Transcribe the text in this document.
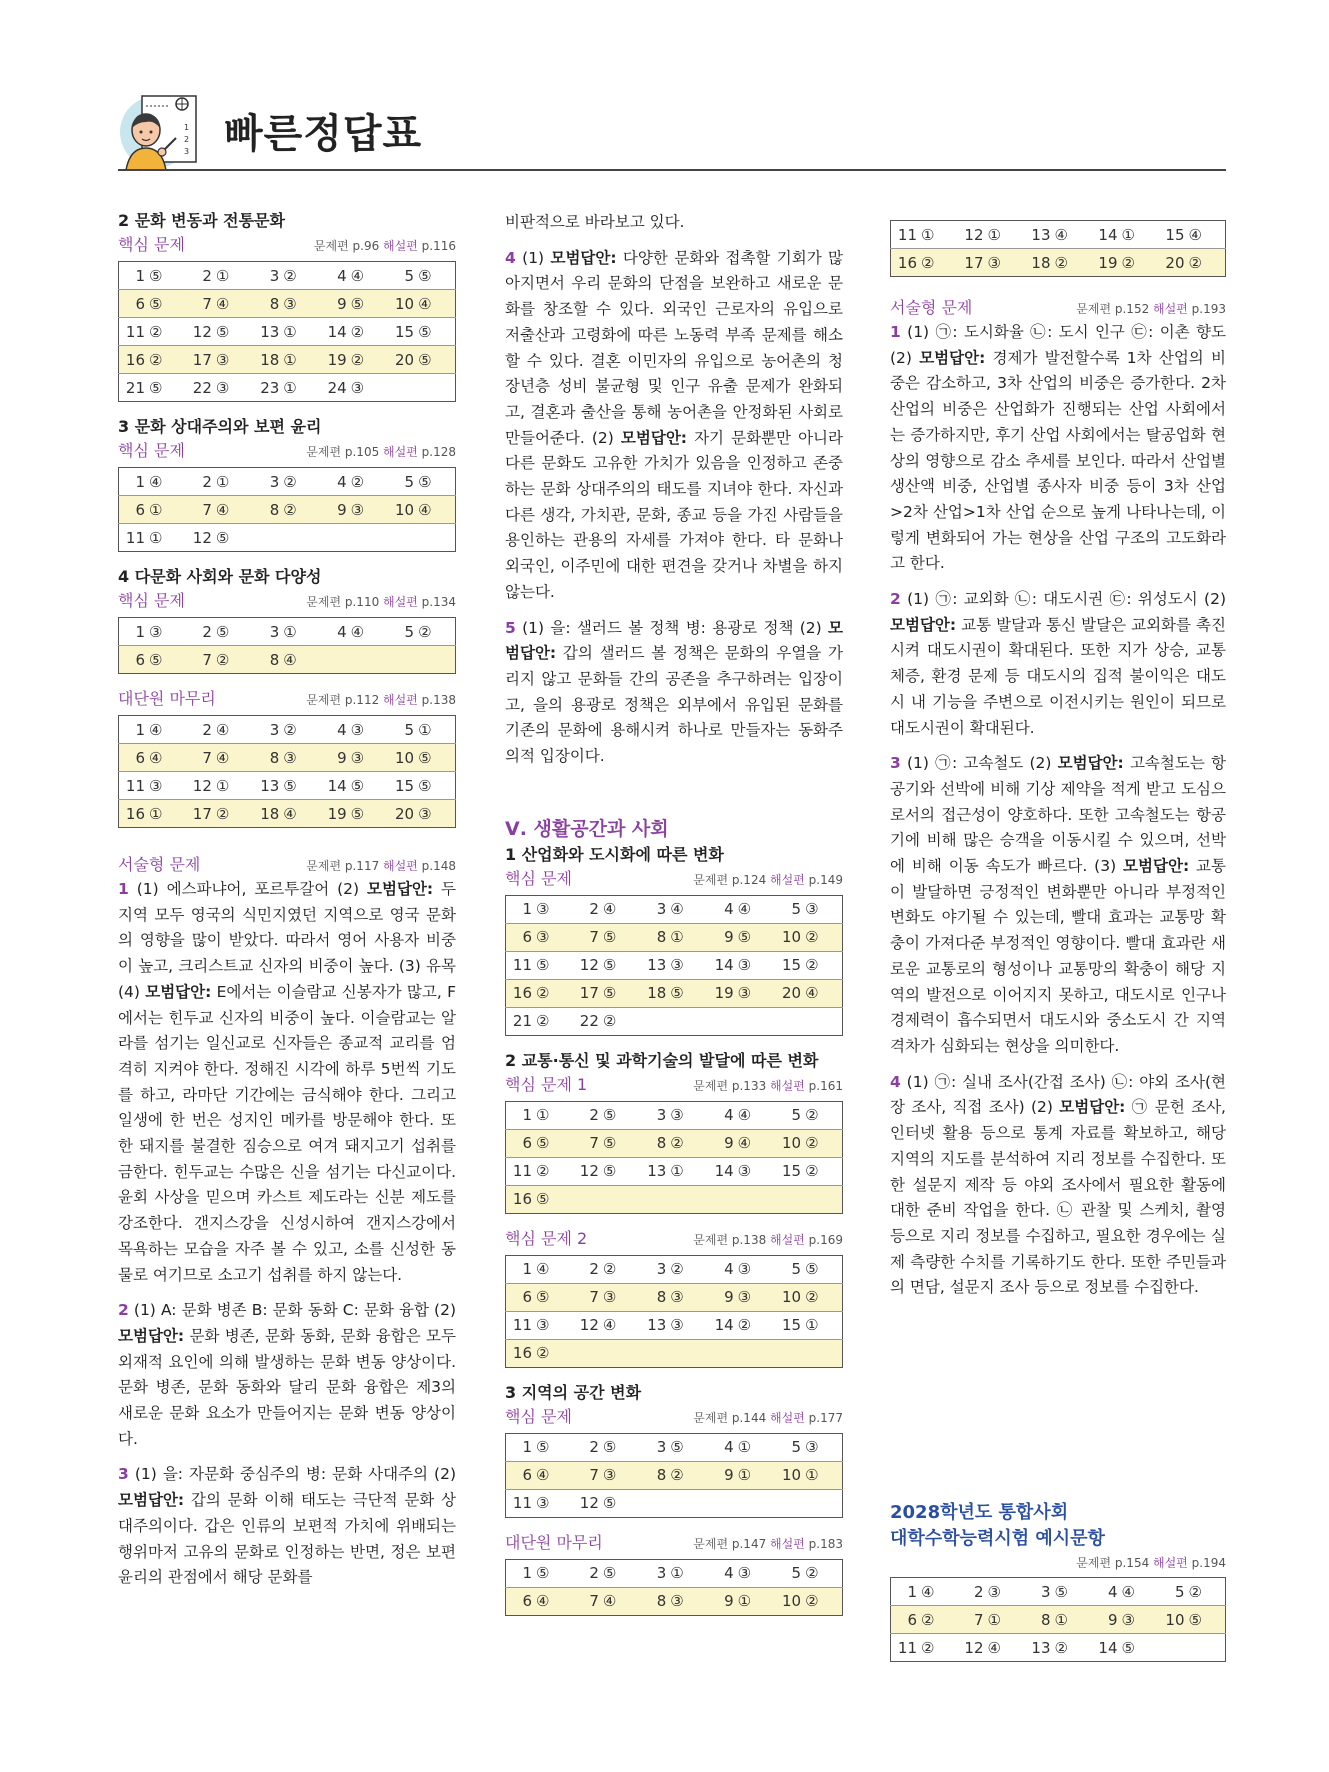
1
2
3 빠른정답표
2 문화 변동과 전통문화
핵심 문제	문제편 p.96 해설편 p.116
1 ⑤	2 ①	3 ②	4 ④	5 ⑤
6 ⑤	7 ④	8 ③	9 ⑤	10 ④
11 ②	12 ⑤	13 ①	14 ②	15 ⑤
16 ②	17 ③	18 ①	19 ②	20 ⑤
21 ⑤	22 ③	23 ①	24 ③	
3 문화 상대주의와 보편 윤리
핵심 문제	문제편 p.105 해설편 p.128
1 ④	2 ①	3 ②	4 ②	5 ⑤
6 ①	7 ④	8 ②	9 ③	10 ④
11 ①	12 ⑤			
4 다문화 사회와 문화 다양성
핵심 문제	문제편 p.110 해설편 p.134
1 ③	2 ⑤	3 ①	4 ④	5 ②
6 ⑤	7 ②	8 ④		
대단원 마무리	문제편 p.112 해설편 p.138
1 ④	2 ④	3 ②	4 ③	5 ①
6 ④	7 ④	8 ③	9 ③	10 ⑤
11 ③	12 ①	13 ⑤	14 ⑤	15 ⑤
16 ①	17 ②	18 ④	19 ⑤	20 ③
서술형 문제	문제편 p.117 해설편 p.148

1 (1) 에스파냐어, 포르투갈어 (2) 모범답안: 두 지역 모두 영국의 식민지였던 지역으로 영국 문화의 영향을 많이 받았다. 따라서 영어 사용자 비중이 높고, 크리스트교 신자의 비중이 높다. (3) 유목 (4) 모범답안: E에서는 이슬람교 신봉자가 많고, F에서는 힌두교 신자의 비중이 높다. 이슬람교는 알라를 섬기는 일신교로 신자들은 종교적 교리를 엄격히 지켜야 한다. 정해진 시각에 하루 5번씩 기도를 하고, 라마단 기간에는 금식해야 한다. 그리고 일생에 한 번은 성지인 메카를 방문해야 한다. 또한 돼지를 불결한 짐승으로 여겨 돼지고기 섭취를 금한다. 힌두교는 수많은 신을 섬기는 다신교이다. 윤회 사상을 믿으며 카스트 제도라는 신분 제도를 강조한다. 갠지스강을 신성시하여 갠지스강에서 목욕하는 모습을 자주 볼 수 있고, 소를 신성한 동물로 여기므로 소고기 섭취를 하지 않는다.

2 (1) A: 문화 병존 B: 문화 동화 C: 문화 융합 (2) 모범답안: 문화 병존, 문화 동화, 문화 융합은 모두 외재적 요인에 의해 발생하는 문화 변동 양상이다. 문화 병존, 문화 동화와 달리 문화 융합은 제3의 새로운 문화 요소가 만들어지는 문화 변동 양상이다.

3 (1) 을: 자문화 중심주의 병: 문화 사대주의 (2) 모범답안: 갑의 문화 이해 태도는 극단적 문화 상대주의이다. 갑은 인류의 보편적 가치에 위배되는 행위마저 고유의 문화로 인정하는 반면, 정은 보편 윤리의 관점에서 해당 문화를

비판적으로 바라보고 있다.

4 (1) 모범답안: 다양한 문화와 접촉할 기회가 많아지면서 우리 문화의 단점을 보완하고 새로운 문화를 창조할 수 있다. 외국인 근로자의 유입으로 저출산과 고령화에 따른 노동력 부족 문제를 해소할 수 있다. 결혼 이민자의 유입으로 농어촌의 청장년층 성비 불균형 및 인구 유출 문제가 완화되고, 결혼과 출산을 통해 농어촌을 안정화된 사회로 만들어준다. (2) 모범답안: 자기 문화뿐만 아니라 다른 문화도 고유한 가치가 있음을 인정하고 존중하는 문화 상대주의의 태도를 지녀야 한다. 자신과 다른 생각, 가치관, 문화, 종교 등을 가진 사람들을 용인하는 관용의 자세를 가져야 한다. 타 문화나 외국인, 이주민에 대한 편견을 갖거나 차별을 하지 않는다.

5 (1) 을: 샐러드 볼 정책 병: 용광로 정책 (2) 모범답안: 갑의 샐러드 볼 정책은 문화의 우열을 가리지 않고 문화들 간의 공존을 추구하려는 입장이고, 을의 용광로 정책은 외부에서 유입된 문화를 기존의 문화에 용해시켜 하나로 만들자는 동화주의적 입장이다.

Ⅴ. 생활공간과 사회
1 산업화와 도시화에 따른 변화
핵심 문제	문제편 p.124 해설편 p.149
1 ③	2 ④	3 ④	4 ④	5 ③
6 ③	7 ⑤	8 ①	9 ⑤	10 ②
11 ⑤	12 ⑤	13 ③	14 ③	15 ②
16 ②	17 ⑤	18 ⑤	19 ③	20 ④
21 ②	22 ②			
2 교통·통신 및 과학기술의 발달에 따른 변화
핵심 문제 1	문제편 p.133 해설편 p.161
1 ①	2 ⑤	3 ③	4 ④	5 ②
6 ⑤	7 ⑤	8 ②	9 ④	10 ②
11 ②	12 ⑤	13 ①	14 ③	15 ②
16 ⑤				
핵심 문제 2	문제편 p.138 해설편 p.169
1 ④	2 ②	3 ②	4 ③	5 ⑤
6 ⑤	7 ③	8 ③	9 ③	10 ②
11 ③	12 ④	13 ③	14 ②	15 ①
16 ②				
3 지역의 공간 변화
핵심 문제	문제편 p.144 해설편 p.177
1 ⑤	2 ⑤	3 ⑤	4 ①	5 ③
6 ④	7 ③	8 ②	9 ①	10 ①
11 ③	12 ⑤			
대단원 마무리	문제편 p.147 해설편 p.183
1 ⑤	2 ⑤	3 ①	4 ③	5 ②
6 ④	7 ④	8 ③	9 ①	10 ②
11 ①	12 ①	13 ④	14 ①	15 ④
16 ②	17 ③	18 ②	19 ②	20 ②
서술형 문제	문제편 p.152 해설편 p.193

1 (1) ㉠: 도시화율 ㉡: 도시 인구 ㉢: 이촌 향도 (2) 모범답안: 경제가 발전할수록 1차 산업의 비중은 감소하고, 3차 산업의 비중은 증가한다. 2차 산업의 비중은 산업화가 진행되는 산업 사회에서는 증가하지만, 후기 산업 사회에서는 탈공업화 현상의 영향으로 감소 추세를 보인다. 따라서 산업별 생산액 비중, 산업별 종사자 비중 등이 3차 산업>2차 산업>1차 산업 순으로 높게 나타나는데, 이렇게 변화되어 가는 현상을 산업 구조의 고도화라고 한다.

2 (1) ㉠: 교외화 ㉡: 대도시권 ㉢: 위성도시 (2) 모범답안: 교통 발달과 통신 발달은 교외화를 촉진시켜 대도시권이 확대된다. 또한 지가 상승, 교통 체증, 환경 문제 등 대도시의 집적 불이익은 대도시 내 기능을 주변으로 이전시키는 원인이 되므로 대도시권이 확대된다.

3 (1) ㉠: 고속철도 (2) 모범답안: 고속철도는 항공기와 선박에 비해 기상 제약을 적게 받고 도심으로서의 접근성이 양호하다. 또한 고속철도는 항공기에 비해 많은 승객을 이동시킬 수 있으며, 선박에 비해 이동 속도가 빠르다. (3) 모범답안: 교통이 발달하면 긍정적인 변화뿐만 아니라 부정적인 변화도 야기될 수 있는데, 빨대 효과는 교통망 확충이 가져다준 부정적인 영향이다. 빨대 효과란 새로운 교통로의 형성이나 교통망의 확충이 해당 지역의 발전으로 이어지지 못하고, 대도시로 인구나 경제력이 흡수되면서 대도시와 중소도시 간 지역 격차가 심화되는 현상을 의미한다.

4 (1) ㉠: 실내 조사(간접 조사) ㉡: 야외 조사(현장 조사, 직접 조사) (2) 모범답안: ㉠ 문헌 조사, 인터넷 활용 등으로 통계 자료를 확보하고, 해당 지역의 지도를 분석하여 지리 정보를 수집한다. 또한 설문지 제작 등 야외 조사에서 필요한 활동에 대한 준비 작업을 한다. ㉡ 관찰 및 스케치, 촬영 등으로 지리 정보를 수집하고, 필요한 경우에는 실제 측량한 수치를 기록하기도 한다. 또한 주민들과의 면담, 설문지 조사 등으로 정보를 수집한다.

2028학년도 통합사회
대학수학능력시험 예시문항
문제편 p.154 해설편 p.194
1 ④	2 ③	3 ⑤	4 ④	5 ②
6 ②	7 ①	8 ①	9 ③	10 ⑤
11 ②	12 ④	13 ②	14 ⑤	
